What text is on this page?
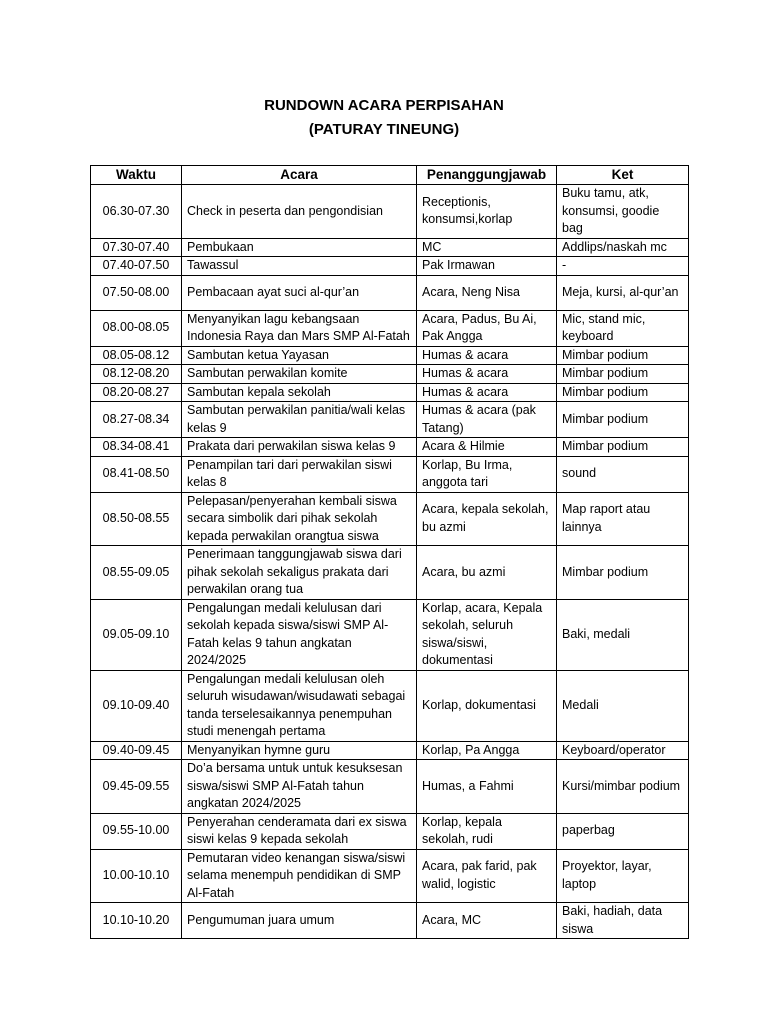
RUNDOWN ACARA PERPISAHAN
(PATURAY TINEUNG)
Waktu	Acara	Penanggungjawab	Ket
06.30-07.30	Check in peserta dan pengondisian	Receptionis, konsumsi,korlap	Buku tamu, atk, konsumsi, goodie bag
07.30-07.40	Pembukaan	MC	Addlips/naskah mc
07.40-07.50	Tawassul	Pak Irmawan	-
07.50-08.00	Pembacaan ayat suci al-qur’an	Acara, Neng Nisa	Meja, kursi, al-qur’an
08.00-08.05	Menyanyikan lagu kebangsaan Indonesia Raya dan Mars SMP Al-Fatah	Acara, Padus, Bu Ai, Pak Angga	Mic, stand mic, keyboard
08.05-08.12	Sambutan ketua Yayasan	Humas & acara	Mimbar podium
08.12-08.20	Sambutan perwakilan komite	Humas & acara	Mimbar podium
08.20-08.27	Sambutan kepala sekolah	Humas & acara	Mimbar podium
08.27-08.34	Sambutan perwakilan panitia/wali kelas kelas 9	Humas & acara (pak Tatang)	Mimbar podium
08.34-08.41	Prakata dari perwakilan siswa kelas 9	Acara & Hilmie	Mimbar podium
08.41-08.50	Penampilan tari dari perwakilan siswi kelas 8	Korlap, Bu Irma, anggota tari	sound
08.50-08.55	Pelepasan/penyerahan kembali siswa secara simbolik dari pihak sekolah kepada perwakilan orangtua siswa	Acara, kepala sekolah, bu azmi	Map raport atau lainnya
08.55-09.05	Penerimaan tanggungjawab siswa dari pihak sekolah sekaligus prakata dari perwakilan orang tua	Acara, bu azmi	Mimbar podium
09.05-09.10	Pengalungan medali kelulusan dari sekolah kepada siswa/siswi SMP Al-Fatah kelas 9 tahun angkatan 2024/2025	Korlap, acara, Kepala sekolah, seluruh siswa/siswi, dokumentasi	Baki, medali
09.10-09.40	Pengalungan medali kelulusan oleh seluruh wisudawan/wisudawati sebagai tanda terselesaikannya penempuhan studi menengah pertama	Korlap, dokumentasi	Medali
09.40-09.45	Menyanyikan hymne guru	Korlap, Pa Angga	Keyboard/operator
09.45-09.55	Do’a bersama untuk untuk kesuksesan siswa/siswi SMP Al-Fatah tahun angkatan 2024/2025	Humas, a Fahmi	Kursi/mimbar podium
09.55-10.00	Penyerahan cenderamata dari ex siswa siswi kelas 9 kepada sekolah	Korlap, kepala sekolah, rudi	paperbag
10.00-10.10	Pemutaran video kenangan siswa/siswi selama menempuh pendidikan di SMP Al-Fatah	Acara, pak farid, pak walid, logistic	Proyektor, layar, laptop
10.10-10.20	Pengumuman juara umum	Acara, MC	Baki, hadiah, data siswa
